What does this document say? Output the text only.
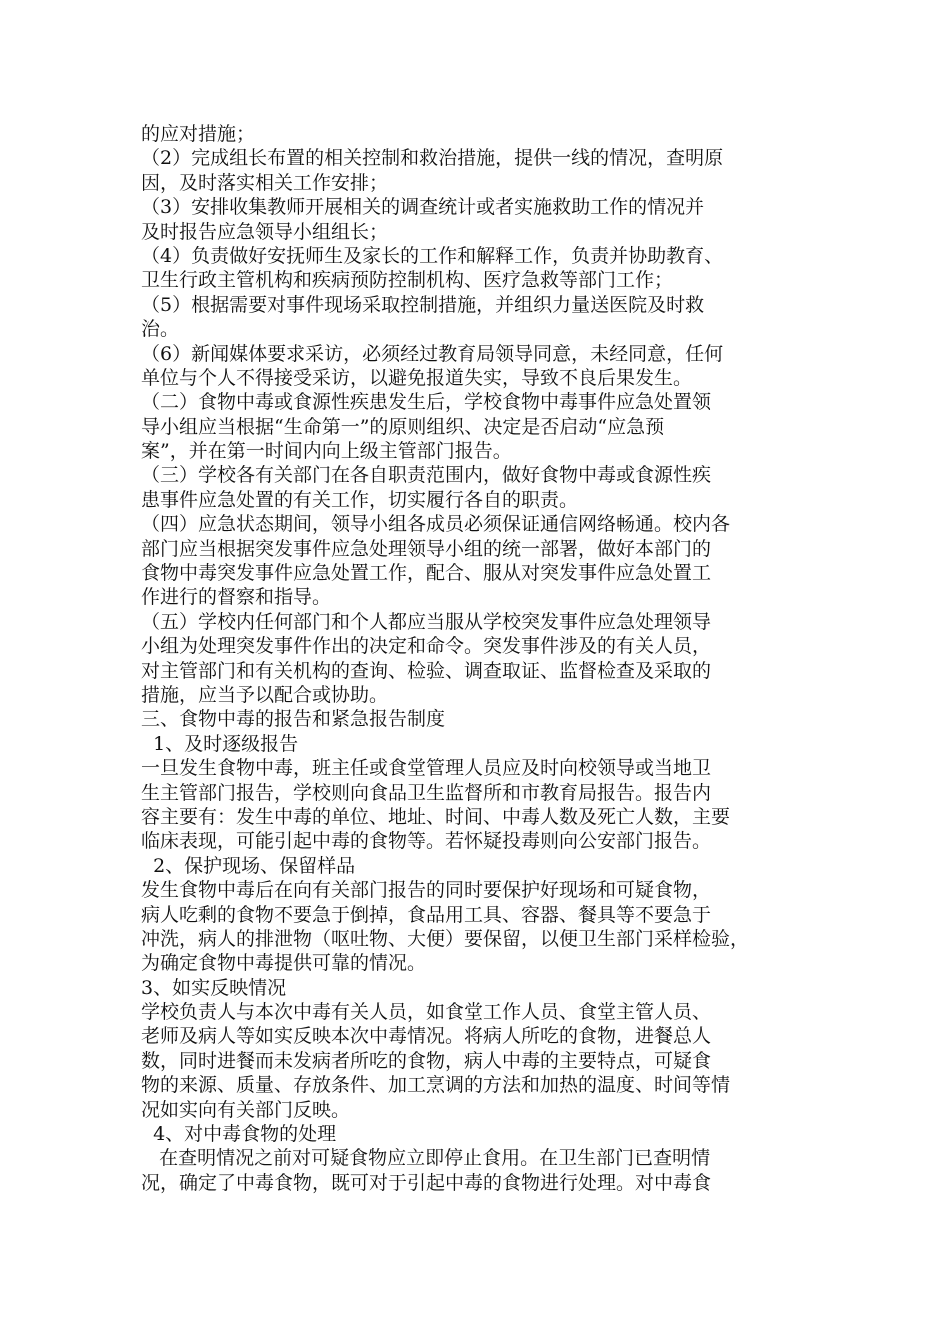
的应对措施；
（2）完成组长布置的相关控制和救治措施，提供一线的情况，查明原
因，及时落实相关工作安排；
（3）安排收集教师开展相关的调查统计或者实施救助工作的情况并
及时报告应急领导小组组长；
（4）负责做好安抚师生及家长的工作和解释工作，负责并协助教育、
卫生行政主管机构和疾病预防控制机构、医疗急救等部门工作；
（5）根据需要对事件现场采取控制措施，并组织力量送医院及时救
治。
（6）新闻媒体要求采访，必须经过教育局领导同意，未经同意，任何
单位与个人不得接受采访，以避免报道失实，导致不良后果发生。
（二）食物中毒或食源性疾患发生后，学校食物中毒事件应急处置领
导小组应当根据“生命第一”的原则组织、决定是否启动“应急预
案”，并在第一时间内向上级主管部门报告。
（三）学校各有关部门在各自职责范围内，做好食物中毒或食源性疾
患事件应急处置的有关工作，切实履行各自的职责。
（四）应急状态期间，领导小组各成员必须保证通信网络畅通。校内各
部门应当根据突发事件应急处理领导小组的统一部署，做好本部门的
食物中毒突发事件应急处置工作，配合、服从对突发事件应急处置工
作进行的督察和指导。
（五）学校内任何部门和个人都应当服从学校突发事件应急处理领导
小组为处理突发事件作出的决定和命令。突发事件涉及的有关人员，
对主管部门和有关机构的查询、检验、调查取证、监督检查及采取的
措施，应当予以配合或协助。
三、食物中毒的报告和紧急报告制度
1、及时逐级报告
一旦发生食物中毒，班主任或食堂管理人员应及时向校领导或当地卫
生主管部门报告，学校则向食品卫生监督所和市教育局报告。报告内
容主要有：发生中毒的单位、地址、时间、中毒人数及死亡人数，主要
临床表现，可能引起中毒的食物等。若怀疑投毒则向公安部门报告。
2、保护现场、保留样品
发生食物中毒后在向有关部门报告的同时要保护好现场和可疑食物，
病人吃剩的食物不要急于倒掉，食品用工具、容器、餐具等不要急于
冲洗，病人的排泄物（呕吐物、大便）要保留，以便卫生部门采样检验，
为确定食物中毒提供可靠的情况。
3、如实反映情况
学校负责人与本次中毒有关人员，如食堂工作人员、食堂主管人员、
老师及病人等如实反映本次中毒情况。将病人所吃的食物，进餐总人
数，同时进餐而未发病者所吃的食物，病人中毒的主要特点，可疑食
物的来源、质量、存放条件、加工烹调的方法和加热的温度、时间等情
况如实向有关部门反映。
4、对中毒食物的处理
在查明情况之前对可疑食物应立即停止食用。在卫生部门已查明情
况，确定了中毒食物，既可对于引起中毒的食物进行处理。对中毒食
